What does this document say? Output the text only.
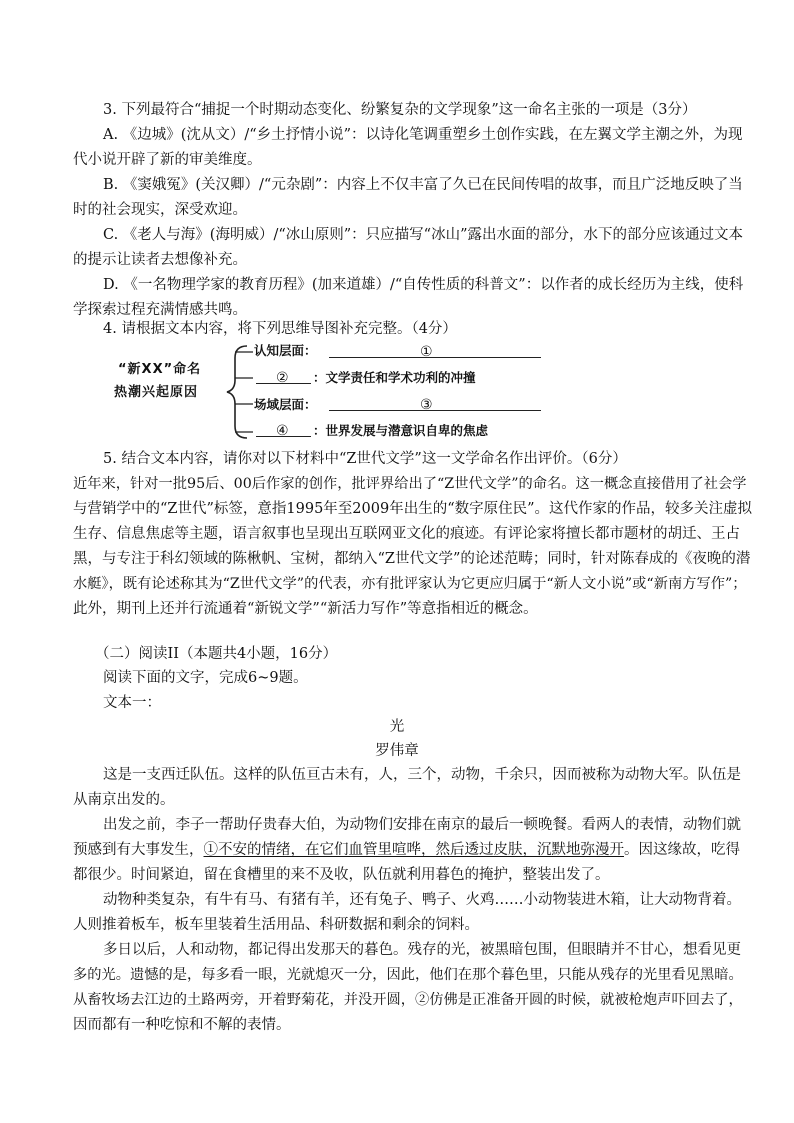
3. 下列最符合“捕捉一个时期动态变化、纷繁复杂的文学现象”这一命名主张的一项是（3分）
A. 《边城》(沈从文）/“乡土抒情小说”：以诗化笔调重塑乡土创作实践，在左翼文学主潮之外，为现
代小说开辟了新的审美维度。
B. 《窦娥冤》(关汉卿）/“元杂剧”：内容上不仅丰富了久已在民间传唱的故事，而且广泛地反映了当
时的社会现实，深受欢迎。
C. 《老人与海》(海明威）/“冰山原则”：只应描写“冰山”露出水面的部分，水下的部分应该通过文本
的提示让读者去想像补充。
D. 《一名物理学家的教育历程》(加来道雄）/“自传性质的科普文”：以作者的成长经历为主线，使科
学探索过程充满情感共鸣。
4. 请根据文本内容，将下列思维导图补充完整。（4分）
“新XX”命名
热潮兴起原因
认知层面：	①
② ：文学责任和学术功利的冲撞
场域层面：	③
④ ：世界发展与潜意识自卑的焦虑
5. 结合文本内容，请你对以下材料中“Z世代文学”这一文学命名作出评价。（6分）
近年来，针对一批95后、00后作家的创作，批评界给出了“Z世代文学”的命名。这一概念直接借用了社会学
与营销学中的“Z世代”标签，意指1995年至2009年出生的“数字原住民”。这代作家的作品，较多关注虚拟
生存、信息焦虑等主题，语言叙事也呈现出互联网亚文化的痕迹。有评论家将擅长都市题材的胡迁、王占
黑，与专注于科幻领域的陈楸帆、宝树，都纳入“Z世代文学”的论述范畴；同时，针对陈春成的《夜晚的潜
水艇》，既有论述称其为“Z世代文学”的代表，亦有批评家认为它更应归属于“新人文小说”或“新南方写作”；
此外，期刊上还并行流通着“新锐文学”“新活力写作”等意指相近的概念。
（二）阅读II（本题共4小题，16分）
阅读下面的文字，完成6~9题。
文本一：
光
罗伟章
这是一支西迁队伍。这样的队伍亘古未有，人，三个，动物，千余只，因而被称为动物大军。队伍是
从南京出发的。
出发之前，李子一帮助仔贵春大伯，为动物们安排在南京的最后一顿晚餐。看两人的表情，动物们就
预感到有大事发生，①不安的情绪，在它们血管里喧哗，然后透过皮肤，沉默地弥漫开。因这缘故，吃得
都很少。时间紧迫，留在食槽里的来不及收，队伍就利用暮色的掩护，整装出发了。
动物种类复杂，有牛有马、有猪有羊，还有兔子、鸭子、火鸡……小动物装进木箱，让大动物背着。
人则推着板车，板车里装着生活用品、科研数据和剩余的饲料。
多日以后，人和动物，都记得出发那天的暮色。残存的光，被黑暗包围，但眼睛并不甘心，想看见更
多的光。遗憾的是，每多看一眼，光就熄灭一分，因此，他们在那个暮色里，只能从残存的光里看见黑暗。
从畜牧场去江边的土路两旁，开着野菊花，并没开圆，②仿佛是正准备开圆的时候，就被枪炮声吓回去了，
因而都有一种吃惊和不解的表情。
